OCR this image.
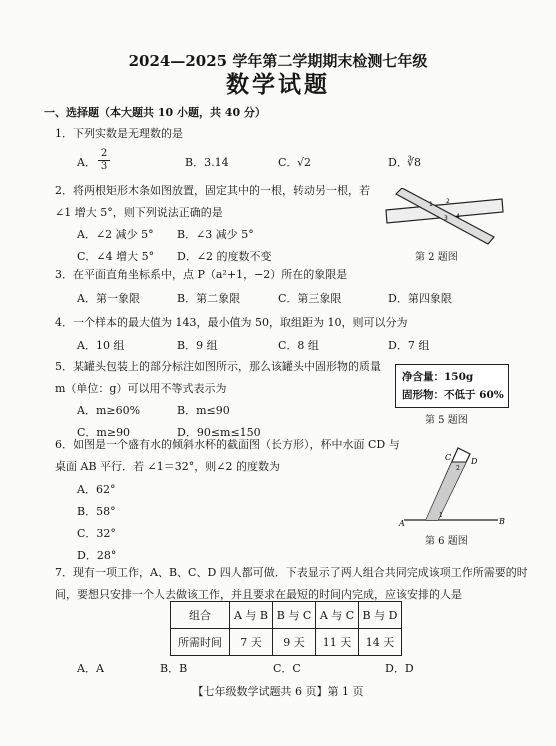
2024—2025 学年第二学期期末检测七年级
数学试题
一、选择题（本大题共 10 小题，共 40 分）
1．下列实数是无理数的是
A． $\frac{2}{3}$	B．3.14	C． √2	D． ∛8
2．将两根矩形木条如图放置，固定其中的一根，转动另一根，若
∠1 增大 5°，则下列说法正确的是
A．∠2 减少 5° B．∠3 减少 5°
C．∠4 增大 5° D．∠2 的度数不变
1 2
3 4
第 2 题图
3．在平面直角坐标系中，点 P（a²+1，−2）所在的象限是
A．第一象限	B．第二象限	C．第三象限	D．第四象限
4．一个样本的最大值为 143，最小值为 50，取组距为 10，则可以分为
A．10 组	B．9 组	C．8 组	D．7 组
5．某罐头包装上的部分标注如图所示，那么该罐头中固形物的质量
m（单位：g）可以用不等式表示为
A．m≥60%	B．m≤90
C．m≥90	D．90≤m≤150
净含量：150g
固形物：不低于 60%
第 5 题图
6．如图是一个盛有水的倾斜水杯的截面图（长方形），杯中水面 CD 与
桌面 AB 平行．若 ∠1＝32°，则∠2 的度数为
A．62°
B．58°
C．32°
D．28°
A	B
C D
1
2
第 6 题图
7．现有一项工作，A、B、C、D 四人都可做．下表显示了两人组合共同完成该项工作所需要的时
间，要想只安排一个人去做该工作，并且要求在最短的时间内完成，应该安排的人是
组合	A 与 B	B 与 C	A 与 C	B 与 D
所需时间	7 天	9 天	11 天	14 天
A．A	B．B	C．C	D．D
【七年级数学试题共 6 页】第 1 页
